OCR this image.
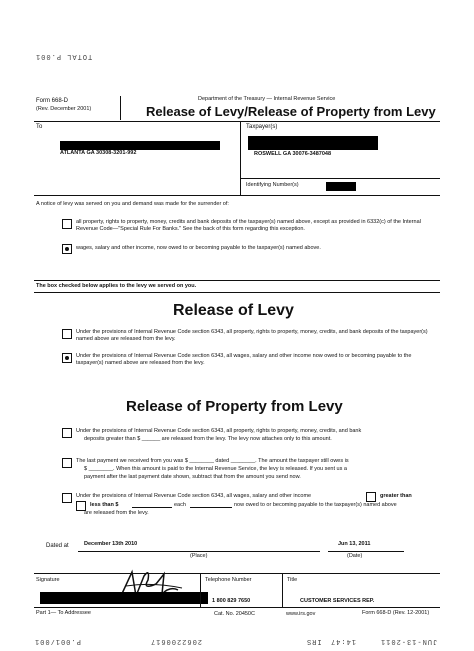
TOTAL P.001
Form 668-D
(Rev. December 2001)
Department of the Treasury — Internal Revenue Service
Release of Levy/Release of Property from Levy
To
ATLANTA GA 30308-3201-992
Taxpayer(s)
ROSWELL GA 30076-3487048
Identifying Number(s)
A notice of levy was served on you and demand was made for the surrender of:
all property, rights to property, money, credits and bank deposits of the taxpayer(s) named above, except as provided in 6332(c) of the Internal Revenue Code—"Special Rule For Banks." See the back of this form regarding this exception.
wages, salary and other income, now owed to or becoming payable to the taxpayer(s) named above.
The box checked below applies to the levy we served on you.
Release of Levy
Under the provisions of Internal Revenue Code section 6343, all property, rights to property, money, credits, and bank deposits of the taxpayer(s) named above are released from the levy.
Under the provisions of Internal Revenue Code section 6343, all wages, salary and other income now owed to or becoming payable to the taxpayer(s) named above are released from the levy.
Release of Property from Levy
Under the provisions of Internal Revenue Code section 6343, all property, rights to property, money, credits, and bank
deposits greater than $ ______ are released from the levy. The levy now attaches only to this amount.
The last payment we received from you was $ ________ dated ________. The amount the taxpayer still owes is
$ ________. When this amount is paid to the Internal Revenue Service, the levy is released. If you sent us a
payment after the last payment date shown, subtract that from the amount you send now.
Under the provisions of Internal Revenue Code section 6343, all wages, salary and other income	greater than
less than $	each	now owed to or becoming payable to the taxpayer(s) named above
are released from the levy.
Dated at	December 13th 2010
(Place)
Jun 13, 2011
(Date)
Signature	Telephone Number
1 800 829 7650
Title
CUSTOMER SERVICES REP.
Part 1— To Addressee	Cat. No. 20450C	www.irs.gov	Form 668-D (Rev. 12-2001)
P.001/001	2062200617	14:47
IRS	JUN-13-2011
